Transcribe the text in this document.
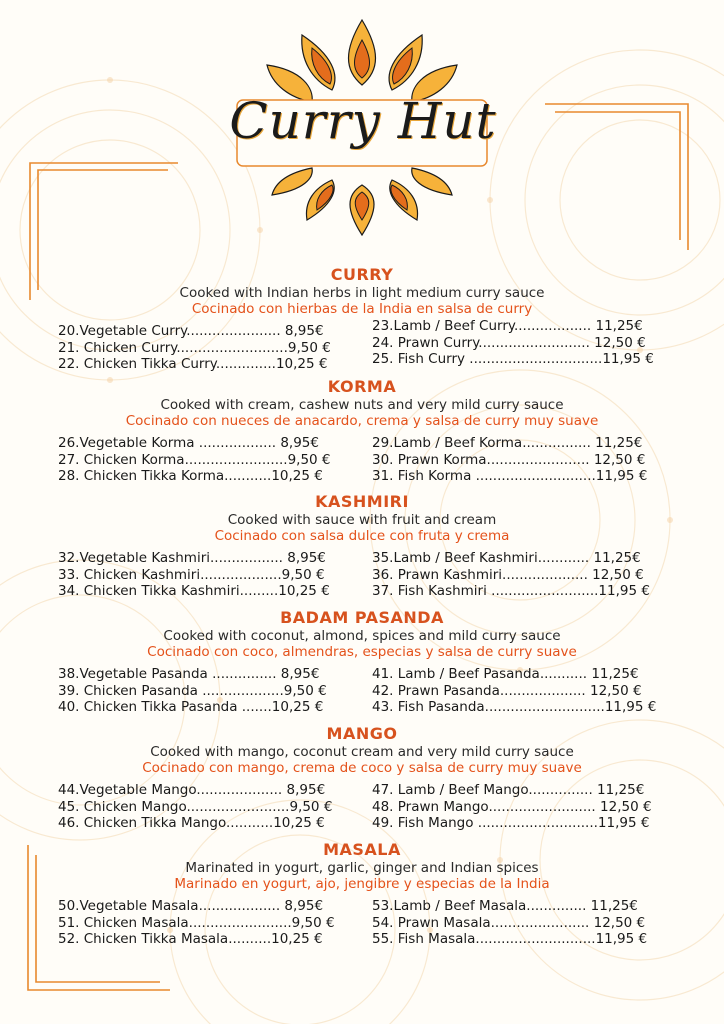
Curry Hut
CURRY
Cooked with Indian herbs in light medium curry sauce
Cocinado con hierbas de la India en salsa de curry
20.Vegetable Curry...................... 8,95€
21. Chicken Curry..........................9,50 €
22. Chicken Tikka Curry..............10,25 €
23.Lamb / Beef Curry.................. 11,25€
24. Prawn Curry.......................... 12,50 €
25. Fish Curry ...............................11,95 €
KORMA
Cooked with cream, cashew nuts and very mild curry sauce
Cocinado con nueces de anacardo, crema y salsa de curry muy suave
26.Vegetable Korma .................. 8,95€
27. Chicken Korma........................9,50 €
28. Chicken Tikka Korma...........10,25 €
29.Lamb / Beef Korma................ 11,25€
30. Prawn Korma........................ 12,50 €
31. Fish Korma ............................11,95 €
KASHMIRI
Cooked with sauce with fruit and cream
Cocinado con salsa dulce con fruta y crema
32.Vegetable Kashmiri................. 8,95€
33. Chicken Kashmiri...................9,50 €
34. Chicken Tikka Kashmiri.........10,25 €
35.Lamb / Beef Kashmiri............ 11,25€
36. Prawn Kashmiri.................... 12,50 €
37. Fish Kashmiri .........................11,95 €
BADAM PASANDA
Cooked with coconut, almond, spices and mild curry sauce
Cocinado con coco, almendras, especias y salsa de curry suave
38.Vegetable Pasanda ............... 8,95€
39. Chicken Pasanda ...................9,50 €
40. Chicken Tikka Pasanda .......10,25 €
41. Lamb / Beef Pasanda........... 11,25€
42. Prawn Pasanda.................... 12,50 €
43. Fish Pasanda............................11,95 €
MANGO
Cooked with mango, coconut cream and very mild curry sauce
Cocinado con mango, crema de coco y salsa de curry muy suave
44.Vegetable Mango.................... 8,95€
45. Chicken Mango........................9,50 €
46. Chicken Tikka Mango...........10,25 €
47. Lamb / Beef Mango............... 11,25€
48. Prawn Mango......................... 12,50 €
49. Fish Mango ............................11,95 €
MASALA
Marinated in yogurt, garlic, ginger and Indian spices
Marinado en yogurt, ajo, jengibre y especias de la India
50.Vegetable Masala................... 8,95€
51. Chicken Masala........................9,50 €
52. Chicken Tikka Masala..........10,25 €
53.Lamb / Beef Masala.............. 11,25€
54. Prawn Masala....................... 12,50 €
55. Fish Masala............................11,95 €
